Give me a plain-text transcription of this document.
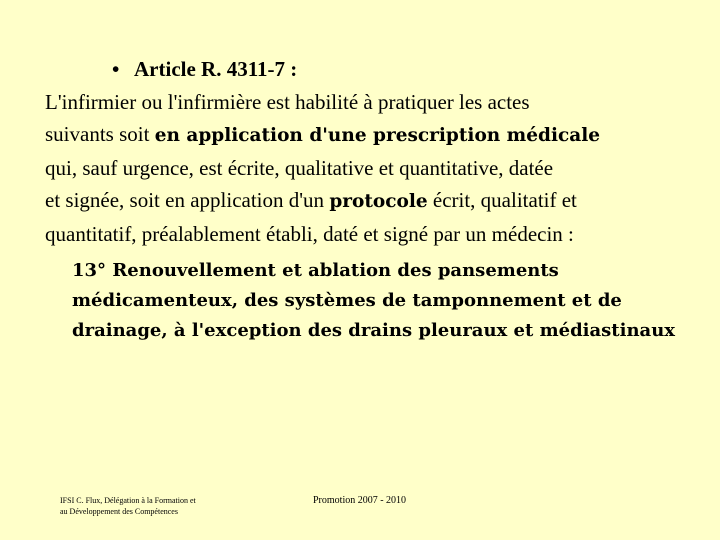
• Article R. 4311-7 :
L'infirmier ou l'infirmière est habilité à pratiquer les actes
suivants soit en application d'une prescription médicale
qui, sauf urgence, est écrite, qualitative et quantitative, datée
et signée, soit en application d'un protocole écrit, qualitatif et
quantitatif, préalablement établi, daté et signé par un médecin :
13° Renouvellement et ablation des pansements
médicamenteux, des systèmes de tamponnement et de
drainage, à l'exception des drains pleuraux et médiastinaux
IFSI C. Flux, Délégation à la Formation et
au Développement des Compétences
Promotion 2007 - 2010
